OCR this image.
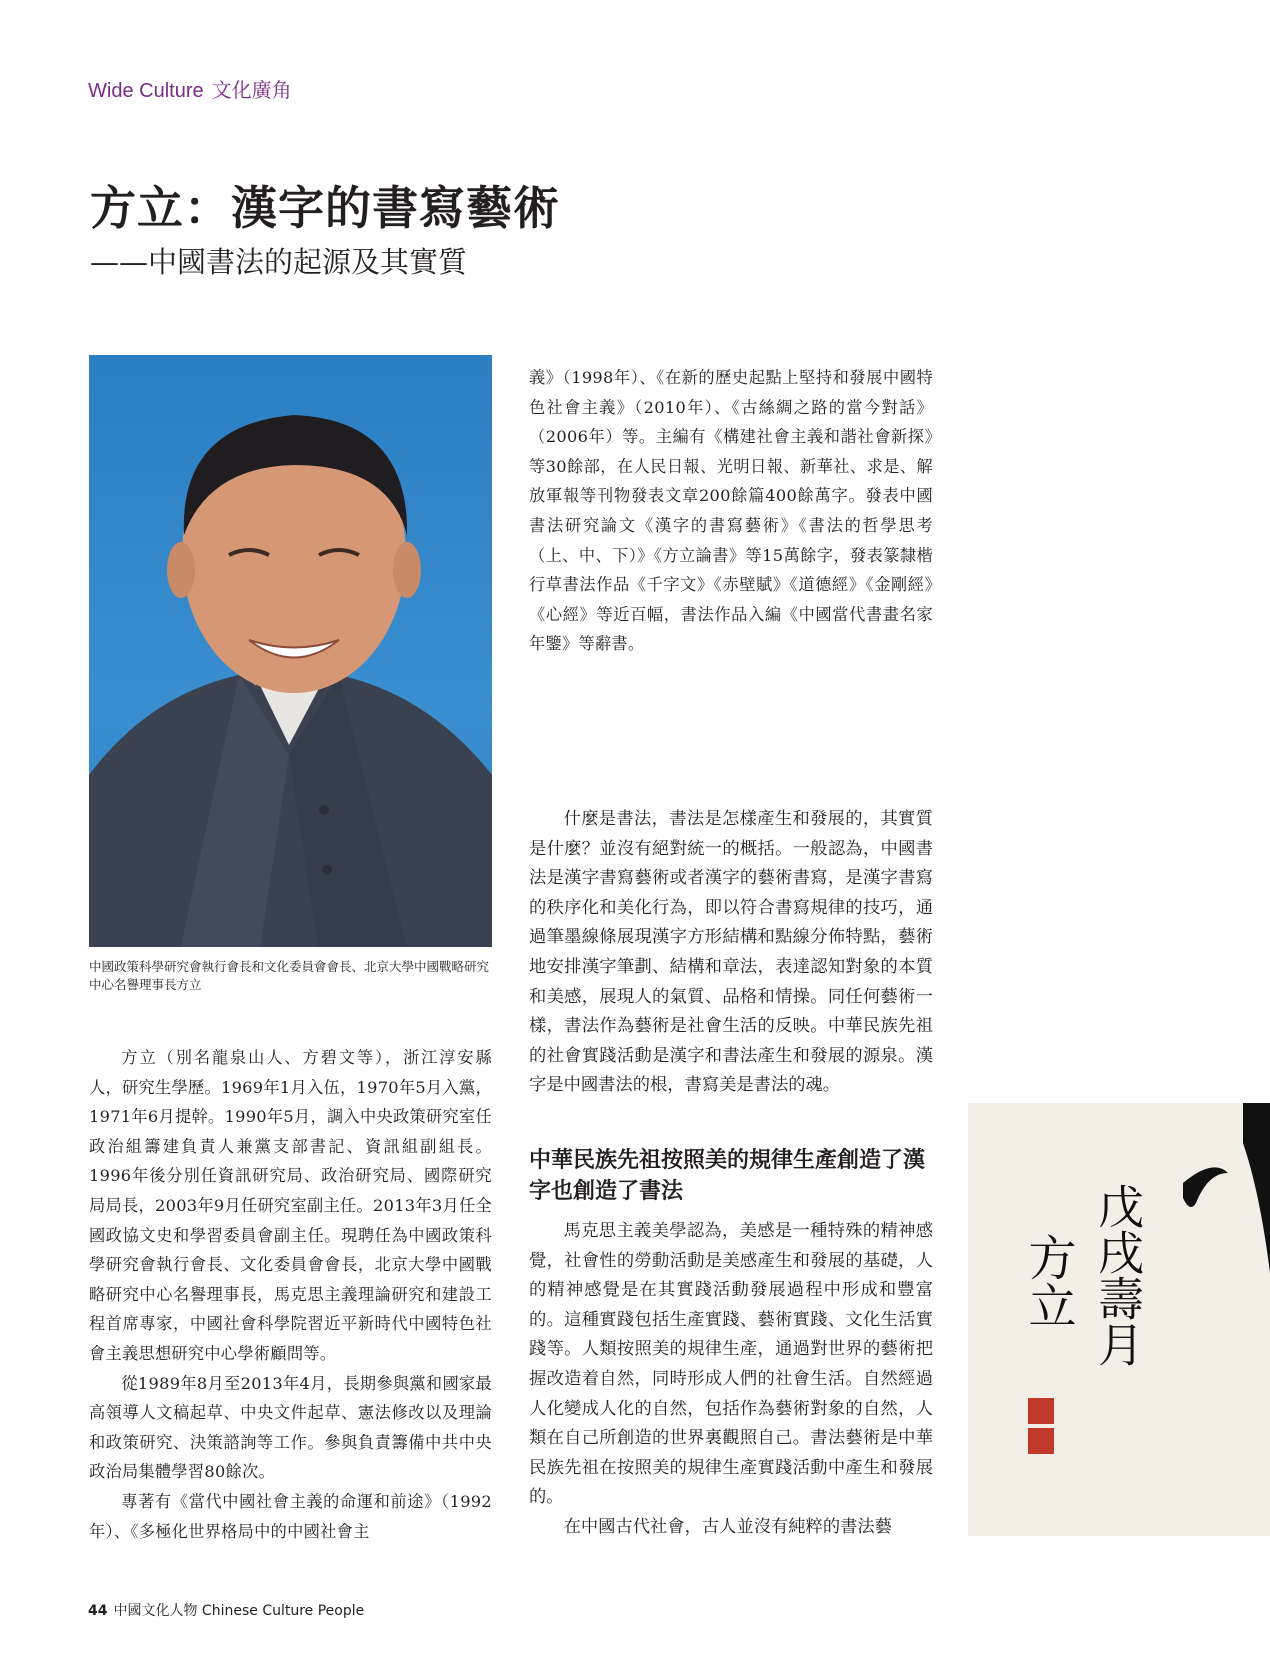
Wide Culture 文化廣角
方立：漢字的書寫藝術
——中國書法的起源及其實質
中國政策科學研究會執行會長和文化委員會會長、北京大學中國戰略研究中心名譽理事長方立

方立（別名龍泉山人、方碧文等），浙江淳安縣人，研究生學歷。1969年1月入伍，1970年5月入黨，1971年6月提幹。1990年5月，調入中央政策研究室任政治組籌建負責人兼黨支部書記、資訊組副組長。1996年後分別任資訊研究局、政治研究局、國際研究局局長，2003年9月任研究室副主任。2013年3月任全國政協文史和學習委員會副主任。現聘任為中國政策科學研究會執行會長、文化委員會會長，北京大學中國戰略研究中心名譽理事長，馬克思主義理論研究和建設工程首席專家，中國社會科學院習近平新時代中國特色社會主義思想研究中心學術顧問等。

從1989年8月至2013年4月，長期參與黨和國家最高領導人文稿起草、中央文件起草、憲法修改以及理論和政策研究、決策諮詢等工作。參與負責籌備中共中央政治局集體學習80餘次。

專著有《當代中國社會主義的命運和前途》（1992年）、《多極化世界格局中的中國社會主

義》（1998年）、《在新的歷史起點上堅持和發展中國特色社會主義》（2010年）、《古絲綢之路的當今對話》（2006年）等。主編有《構建社會主義和諧社會新探》等30餘部，在人民日報、光明日報、新華社、求是、解放軍報等刊物發表文章200餘篇400餘萬字。發表中國書法研究論文《漢字的書寫藝術》《書法的哲學思考（上、中、下）》《方立論書》等15萬餘字，發表篆隸楷行草書法作品《千字文》《赤壁賦》《道德經》《金剛經》《心經》等近百幅，書法作品入編《中國當代書畫名家年鑒》等辭書。

什麼是書法，書法是怎樣產生和發展的，其實質是什麼？並沒有絕對統一的概括。一般認為，中國書法是漢字書寫藝術或者漢字的藝術書寫，是漢字書寫的秩序化和美化行為，即以符合書寫規律的技巧，通過筆墨線條展現漢字方形結構和點線分佈特點，藝術地安排漢字筆劃、結構和章法，表達認知對象的本質和美感，展現人的氣質、品格和情操。同任何藝術一樣，書法作為藝術是社會生活的反映。中華民族先祖的社會實踐活動是漢字和書法產生和發展的源泉。漢字是中國書法的根，書寫美是書法的魂。

中華民族先祖按照美的規律生產創造了漢字也創造了書法

馬克思主義美學認為，美感是一種特殊的精神感覺，社會性的勞動活動是美感產生和發展的基礎，人的精神感覺是在其實踐活動發展過程中形成和豐富的。這種實踐包括生產實踐、藝術實踐、文化生活實踐等。人類按照美的規律生產，通過對世界的藝術把握改造着自然，同時形成人們的社會生活。自然經過人化變成人化的自然，包括作為藝術對象的自然，人類在自己所創造的世界裏觀照自己。書法藝術是中華民族先祖在按照美的規律生產實踐活動中產生和發展的。

在中國古代社會，古人並沒有純粹的書法藝

戊戌壽月
方立
44 中國文化人物 Chinese Culture People
